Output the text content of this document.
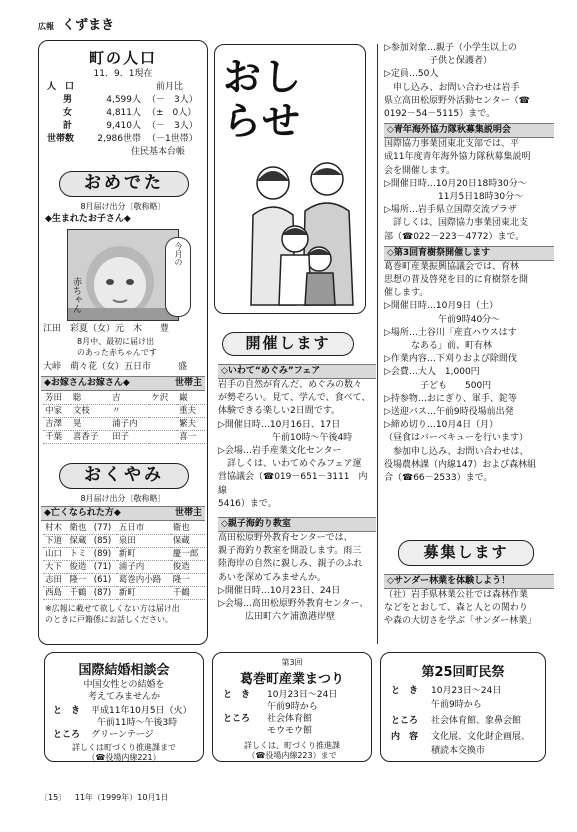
広報 くずまき
町の人口
11．9．1現在
人　口	前月比
男	4,599人 （－　3人）
女	4,811人 （±　0人）
計	9,410人 （－　3人）
世帯数	2,986世帯 （－1世帯）
住民基本台帳
おめでた
8月届け出分〔敬称略〕
◆生まれたお子さん◆
今月の
赤ちゃん
江田　彩夏（女）元　木　　豊
8月中、最初に届け出
のあった赤ちゃんです
大峠　萌々花（女）五日市　　　盛
◆お嫁さんお嫁さん◆	世帯主
芳田	聡	吉	ケ沢	巌
中家	文枝	〃		重夫
吉澤	晃	浦子内		繁夫
千葉	喜香子	田子		喜一
おくやみ
8月届け出分〔敬称略〕
◆亡くなられた方◆	世帯主
村木	衛也	(77)	五日市	衛也
下道	保蔵	(85)	泉田	保蔵
山口	トミ	(89)	新町	慶一郎
大下	俊造	(71)	浦子内	俊造
志田	隆一	(61)	葛巻内小路	隆一
西島	千鶴	(87)	新町	千鶴
※広報に載せて欲しくない方は届け出
のときに戸籍係にお話しください。
おし
らせ
開催します
◇いわて“めぐみ”フェア

岩手の自然が育んだ、めぐみの数々

が勢ぞろい。見て、学んで、食べて、

体験できる楽しい2日間です。

▷開催日時…10月16日、17日

　　　　　　午前10時～午後4時

▷会場…岩手産業文化センター

　詳しくは、いわてめぐみフェア運

営協議会（☎019－651－3111　内線

5416）まで。

◇親子海釣り教室

高田松原野外教育センターでは、

親子海釣り教室を開設します。雨三

陸海岸の自然に親しみ、親子のふれ

あいを深めてみませんか。

▷開催日時…10月23日、24日

▷会場…高田松原野外教育センター、

　　　広田町六ケ浦漁港岸壁

▷参加対象…親子（小学生以上の

　　　　　子供と保護者）

▷定員…50人

　申し込み、お問い合わせは岩手

県立高田松原野外活動センター（☎

0192－54－5115）まで。

◇青年海外協力隊秋募集説明会

国際協力事業団東北支部では、平

成11年度青年海外協力隊秋募集説明

会を開催します。

▷開催日時…10月20日18時30分～

　　　　　　11月5日18時30分～

▷場所…岩手県立国際交流プラザ

　詳しくは、国際協力事業団東北支

部（☎022－223－4772）まで。

◇第3回育樹祭開催します

葛巻町産業振興協議会では、育林

思想の普及啓発を目的に育樹祭を開

催します。

▷開催日時…10月9日（土）

　　　　　　午前9時40分～

▷場所…土谷川「産直ハウスはす

　　　なある」前、町有林

▷作業内容…下刈りおよび除間伐

▷会費…大人　1,000円

　　　　子ども　　500円

▷持参物…おにぎり、軍手、鉈等

▷送迎バス…午前9時役場前出発

▷締め切り…10月4日（月）

（昼食はバーベキューを行います）

　参加申し込み、お問い合わせは、

役場農林課（内線147）および森林組

合（☎66－2533）まで。

募集します
◇サンダー林業を体験しよう！

（社）岩手県林業公社では森林作業

などをとおして、森と人との関わり

や森の大切さを学ぶ「サンダー林業」

国際結婚相談会
中国女性との結婚を
考えてみませんか
と　き 平成11年10月5日（火）
午前11時～午後3時
ところ グリーンテージ
詳しくは町づくり推進課まで
（☎役場内線221）
第3回
葛巻町産業まつり
と　き 10月23日～24日
午前9時から
ところ 社会体育館
モウモウ館
詳しくは、町づくり推進課
（☎役場内線223）まで
第25回町民祭
と　き 10月23日～24日
午前9時から
ところ 社会体育館、象鼻会館
内　容 文化展、文化財企画展、
積読本交換市
〔15〕 11年（1999年）10月1日
